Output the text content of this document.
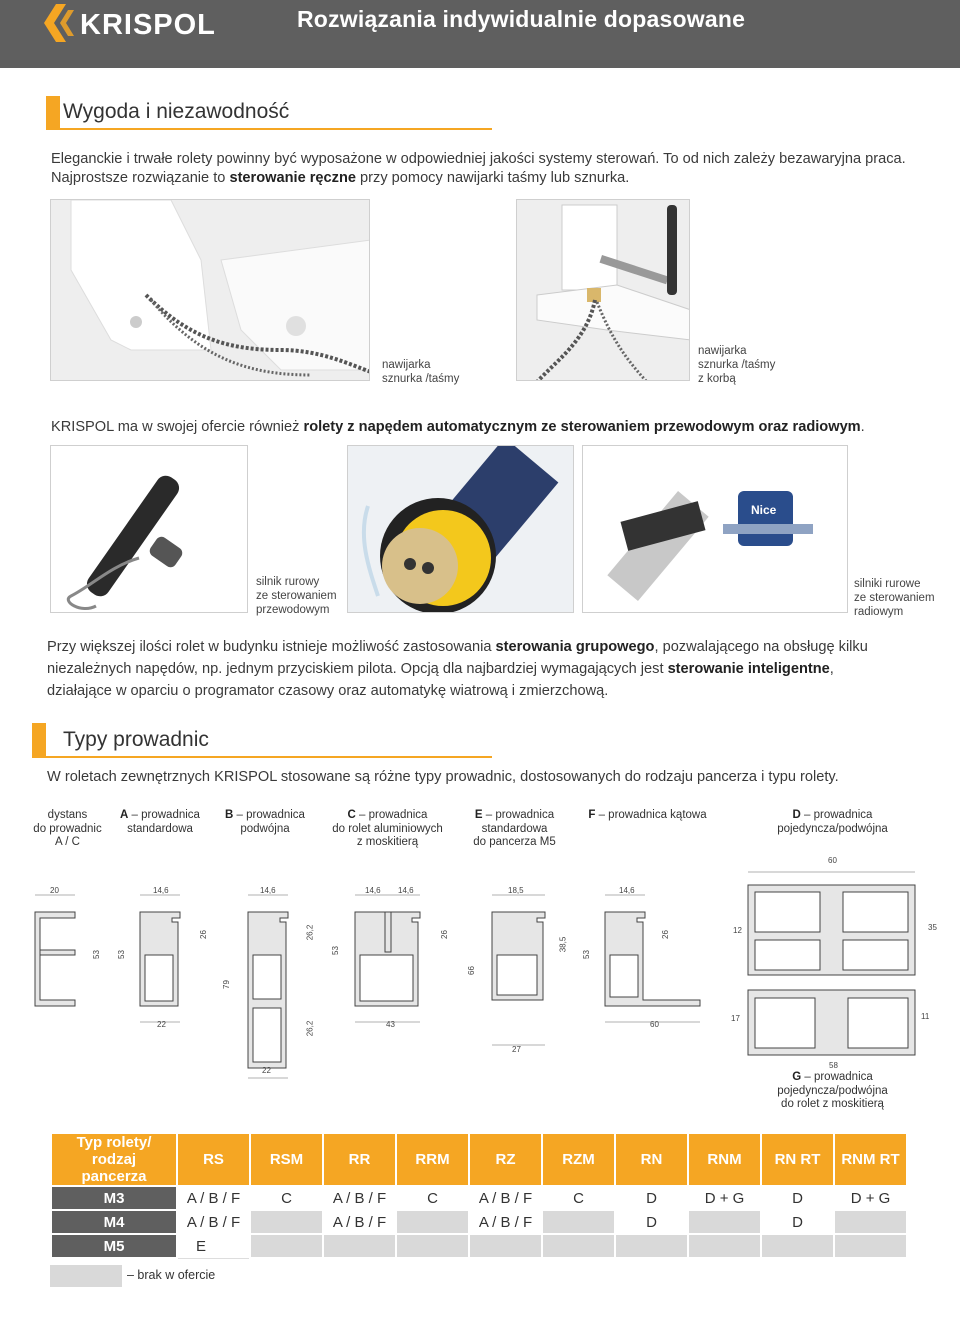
KRISPOL	Rozwiązania indywidualnie dopasowane
Wygoda i niezawodność
Eleganckie i trwałe rolety powinny być wyposażone w odpowiedniej jakości systemy sterowań. To od nich zależy bezawaryjna praca.
Najprostsze rozwiązanie to sterowanie ręczne przy pomocy nawijarki taśmy lub sznurka.
nawijarka
sznurka /taśmy
nawijarka
sznurka /taśmy
z korbą
KRISPOL ma w swojej ofercie również rolety z napędem automatycznym ze sterowaniem przewodowym oraz radiowym.
silnik rurowy
ze sterowaniem
przewodowym
Nice
silniki rurowe
ze sterowaniem
radiowym
Przy większej ilości rolet w budynku istnieje możliwość zastosowania sterowania grupowego, pozwalającego na obsługę kilku
niezależnych napędów, np. jednym przyciskiem pilota. Opcją dla najbardziej wymagających jest sterowanie inteligentne,
działające w oparciu o programator czasowy oraz automatykę wiatrową i zmierzchową.
Typy prowadnic
W roletach zewnętrznych KRISPOL stosowane są różne typy prowadnic, dostosowanych do rodzaju pancerza i typu rolety.
dystans
do prowadnic
A / C
A – prowadnica
standardowa
B – prowadnica
podwójna
C – prowadnica
do rolet aluminiowych
z moskitierą
E – prowadnica
standardowa
do pancerza M5
F – prowadnica kątowa	D – prowadnica
pojedyncza/podwójna
20
53 53
14,6
26
22
79
14,6
26,2
26,2
22
14,6 14,6
53
26
43
18,5
66
38,5
27
14,6
53
26
60
60
12	35
17	11
58
G – prowadnica
pojedyncza/podwójna
do rolet z moskitierą
Typ rolety/
rodzaj pancerza	RS	RSM	RR	RRM	RZ	RZM	RN	RNM	RN RT	RNM RT
M3	A / B / F	C	A / B / F	C	A / B / F	C	D	D + G	D	D + G
M4	A / B / F		A / B / F		A / B / F		D		D	
M5	E									
– brak w ofercie
